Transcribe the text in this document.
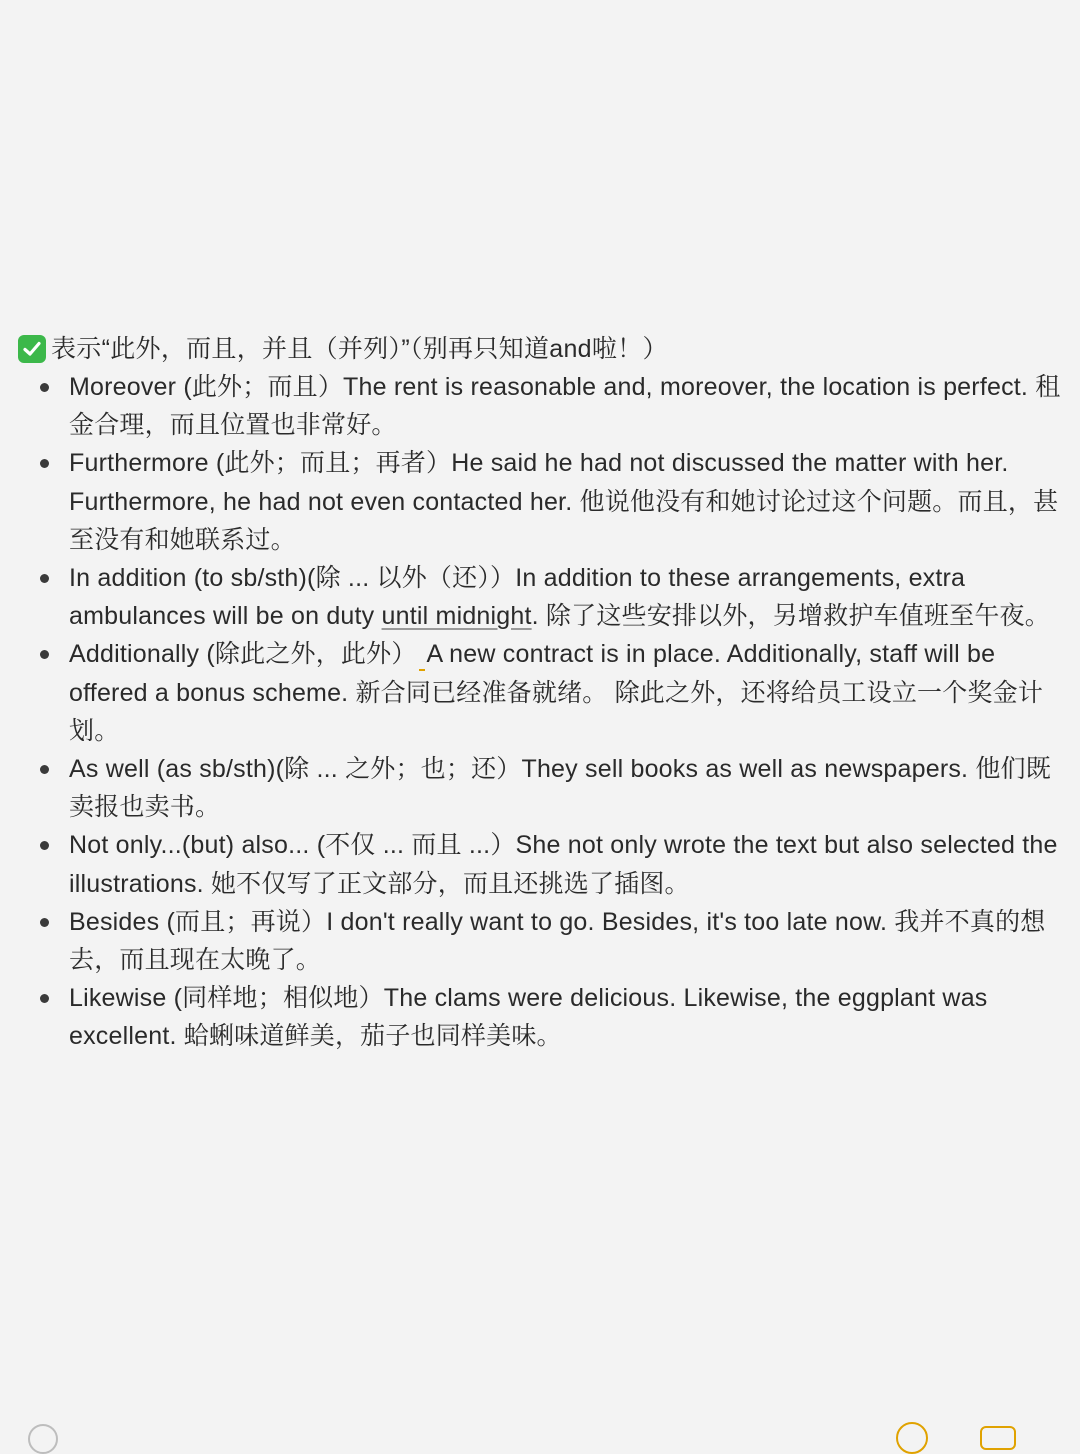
表示“此外，而且，并且（并列）”（别再只知道and啦！）
Moreover (此外；而且）The rent is reasonable and, moreover, the location is perfect. 租金合理，而且位置也非常好。
Furthermore (此外；而且；再者）He said he had not discussed the matter with her. Furthermore, he had not even contacted her. 他说他没有和她讨论过这个问题。而且，甚至没有和她联系过。
In addition (to sb/sth)(除 ... 以外（还））In addition to these arrangements, extra ambulances will be on duty until midnight. 除了这些安排以外，另增救护车值班至午夜。
Additionally (除此之外，此外） A new contract is in place. Additionally, staff will be offered a bonus scheme. 新合同已经准备就绪。 除此之外，还将给员工设立一个奖金计划。
As well (as sb/sth)(除 ... 之外；也；还）They sell books as well as newspapers. 他们既卖报也卖书。
Not only...(but) also... (不仅 ... 而且 ...）She not only wrote the text but also selected the illustrations. 她不仅写了正文部分，而且还挑选了插图。
Besides (而且；再说）I don't really want to go. Besides, it's too late now. 我并不真的想去，而且现在太晚了。
Likewise (同样地；相似地）The clams were delicious. Likewise, the eggplant was excellent. 蛤蜊味道鲜美，茄子也同样美味。
